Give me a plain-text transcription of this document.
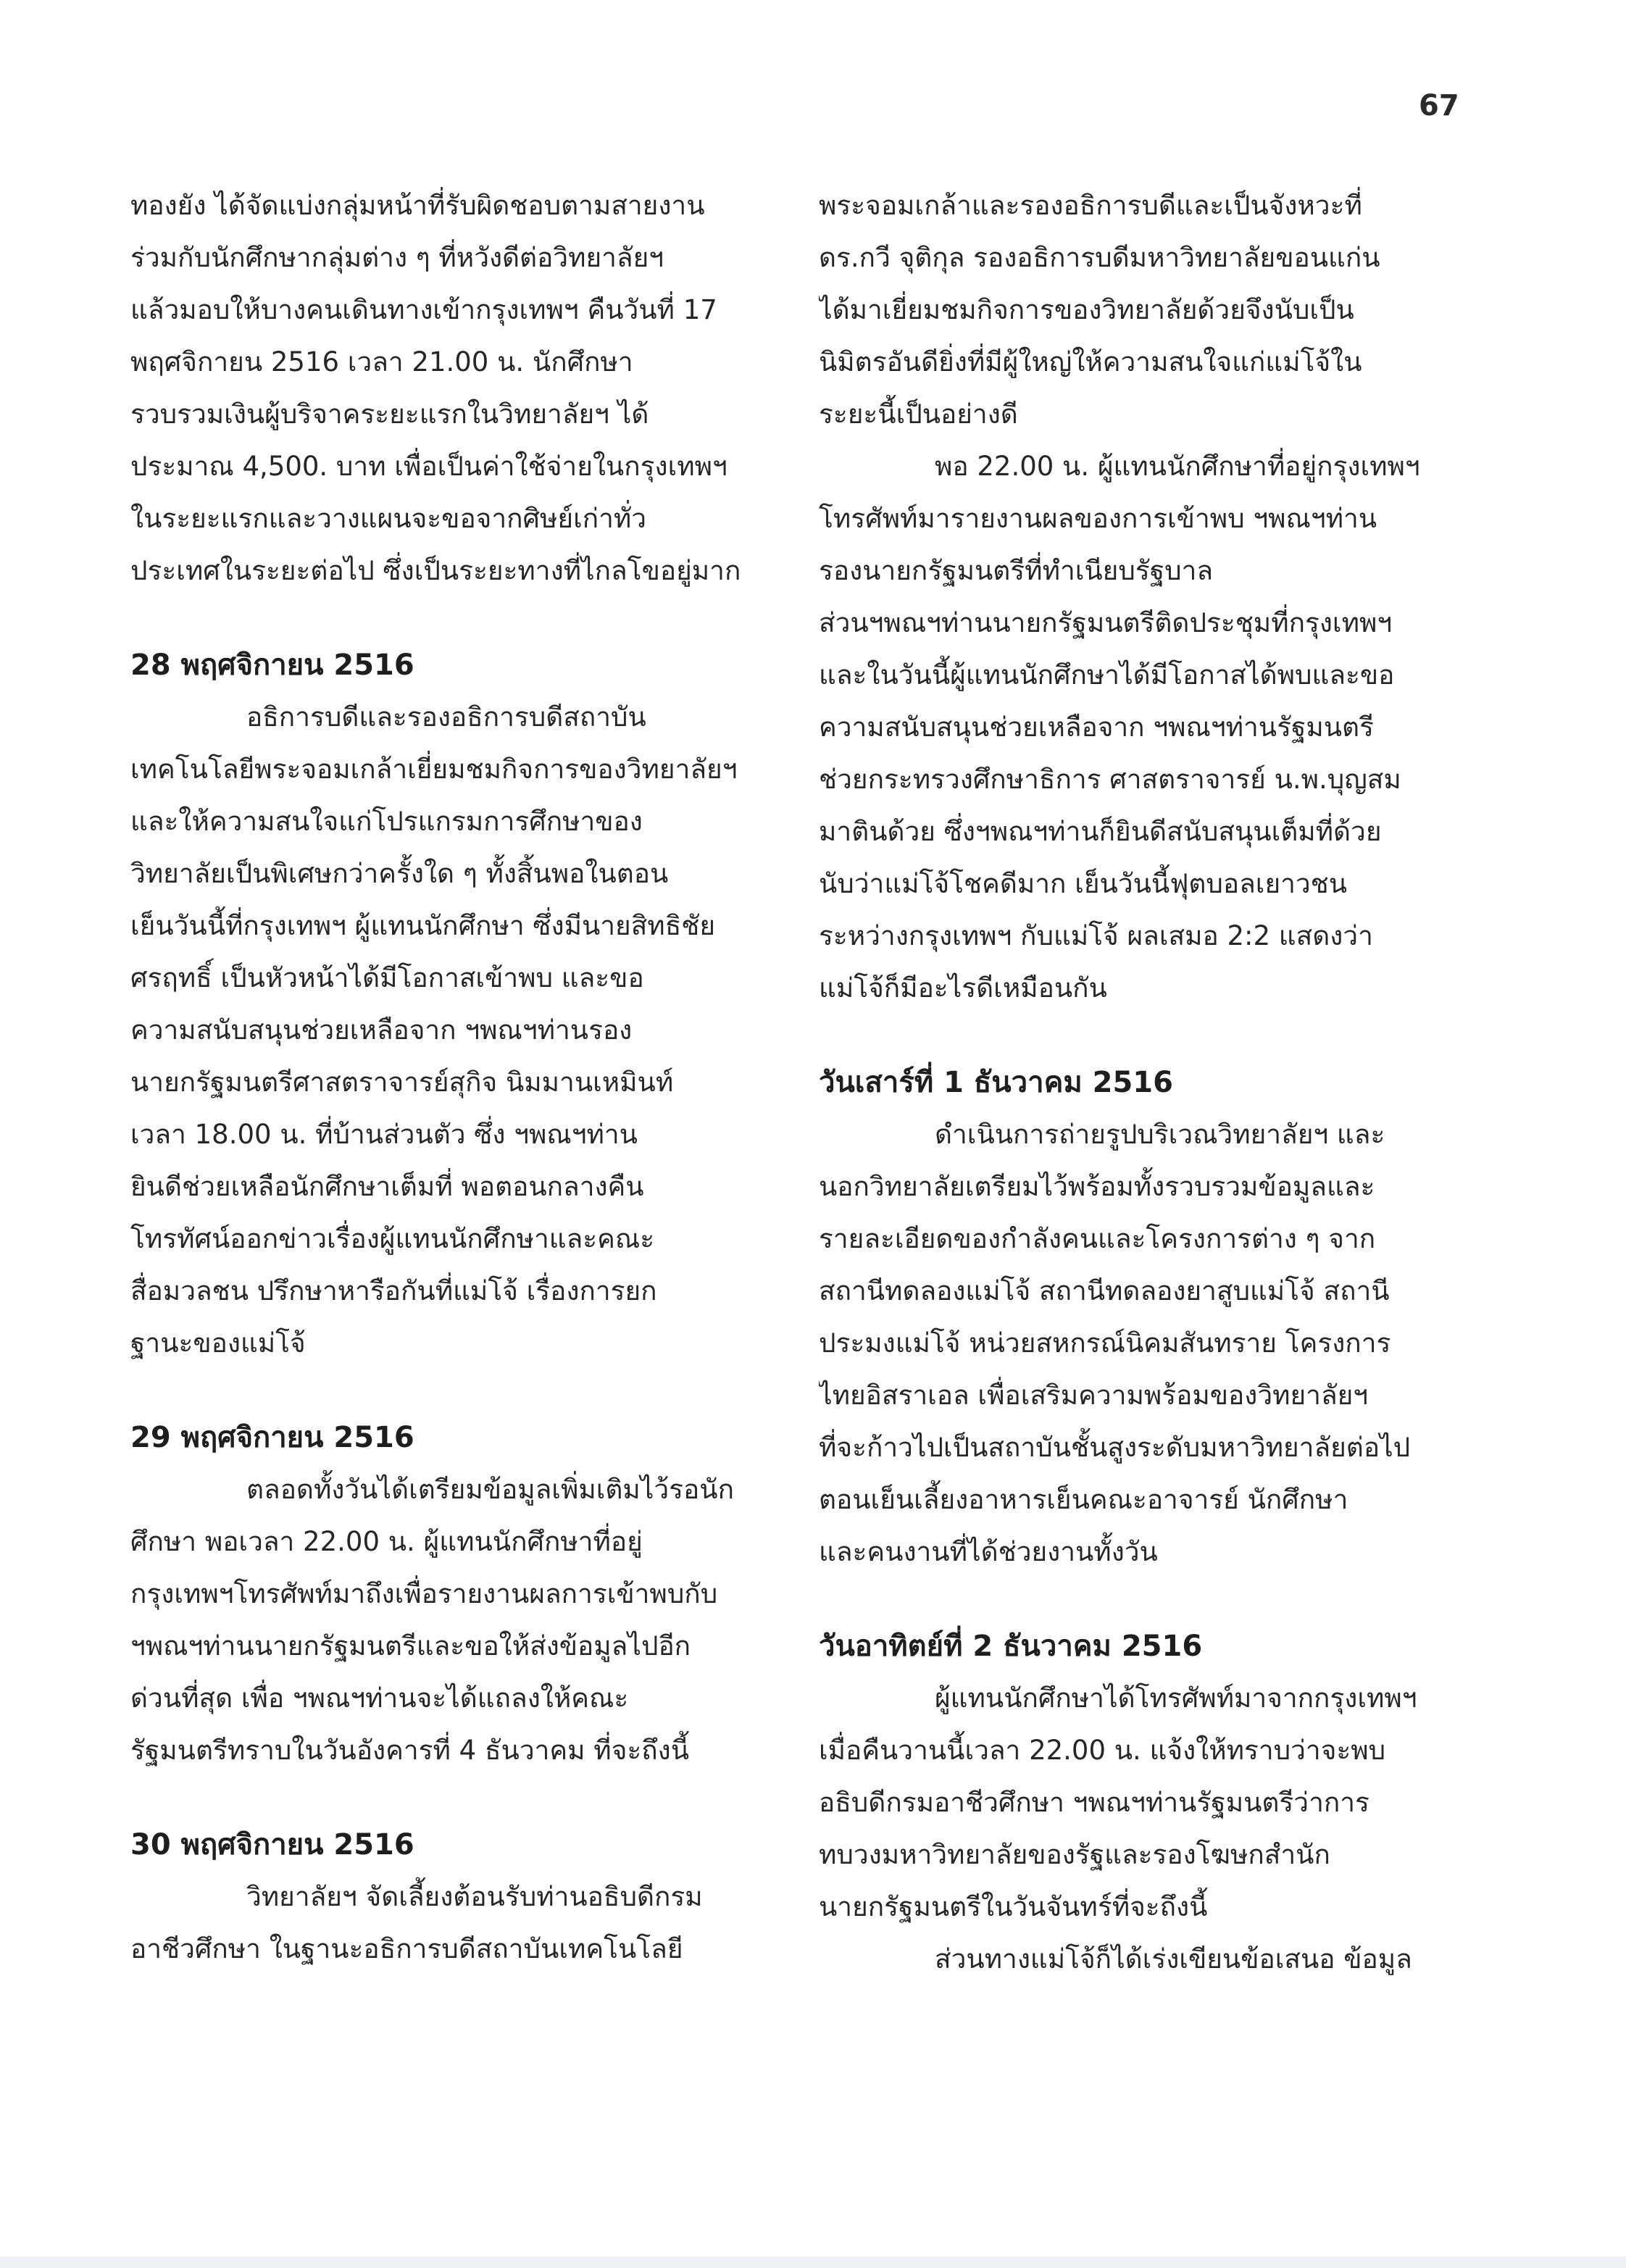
67
ทองยัง ได้จัดแบ่งกลุ่มหน้าที่รับผิดชอบตามสายงาน
ร่วมกับนักศึกษากลุ่มต่าง ๆ ที่หวังดีต่อวิทยาลัยฯ
แล้วมอบให้บางคนเดินทางเข้ากรุงเทพฯ คืนวันที่ 17
พฤศจิกายน 2516 เวลา 21.00 น. นักศึกษา
รวบรวมเงินผู้บริจาคระยะแรกในวิทยาลัยฯ ได้
ประมาณ 4,500. บาท เพื่อเป็นค่าใช้จ่ายในกรุงเทพฯ
ในระยะแรกและวางแผนจะขอจากศิษย์เก่าทั่ว
ประเทศในระยะต่อไป ซึ่งเป็นระยะทางที่ไกลโขอยู่มาก
28 พฤศจิกายน 2516
อธิการบดีและรองอธิการบดีสถาบัน
เทคโนโลยีพระจอมเกล้าเยี่ยมชมกิจการของวิทยาลัยฯ
และให้ความสนใจแก่โปรแกรมการศึกษาของ
วิทยาลัยเป็นพิเศษกว่าครั้งใด ๆ ทั้งสิ้นพอในตอน
เย็นวันนี้ที่กรุงเทพฯ ผู้แทนนักศึกษา ซึ่งมีนายสิทธิชัย
ศรฤทธิ์ เป็นหัวหน้าได้มีโอกาสเข้าพบ และขอ
ความสนับสนุนช่วยเหลือจาก ฯพณฯท่านรอง
นายกรัฐมนตรีศาสตราจารย์สุกิจ นิมมานเหมินท์
เวลา 18.00 น. ที่บ้านส่วนตัว ซึ่ง ฯพณฯท่าน
ยินดีช่วยเหลือนักศึกษาเต็มที่ พอตอนกลางคืน
โทรทัศน์ออกข่าวเรื่องผู้แทนนักศึกษาและคณะ
สื่อมวลชน ปรึกษาหารือกันที่แม่โจ้ เรื่องการยก
ฐานะของแม่โจ้
29 พฤศจิกายน 2516
ตลอดทั้งวันได้เตรียมข้อมูลเพิ่มเติมไว้รอนัก
ศึกษา พอเวลา 22.00 น. ผู้แทนนักศึกษาที่อยู่
กรุงเทพฯโทรศัพท์มาถึงเพื่อรายงานผลการเข้าพบกับ
ฯพณฯท่านนายกรัฐมนตรีและขอให้ส่งข้อมูลไปอีก
ด่วนที่สุด เพื่อ ฯพณฯท่านจะได้แถลงให้คณะ
รัฐมนตรีทราบในวันอังคารที่ 4 ธันวาคม ที่จะถึงนี้
30 พฤศจิกายน 2516
วิทยาลัยฯ จัดเลี้ยงต้อนรับท่านอธิบดีกรม
อาชีวศึกษา ในฐานะอธิการบดีสถาบันเทคโนโลยี
พระจอมเกล้าและรองอธิการบดีและเป็นจังหวะที่
ดร.กวี จุติกุล รองอธิการบดีมหาวิทยาลัยขอนแก่น
ได้มาเยี่ยมชมกิจการของวิทยาลัยด้วยจึงนับเป็น
นิมิตรอันดียิ่งที่มีผู้ใหญ่ให้ความสนใจแก่แม่โจ้ใน
ระยะนี้เป็นอย่างดี
พอ 22.00 น. ผู้แทนนักศึกษาที่อยู่กรุงเทพฯ
โทรศัพท์มารายงานผลของการเข้าพบ ฯพณฯท่าน
รองนายกรัฐมนตรีที่ทำเนียบรัฐบาล
ส่วนฯพณฯท่านนายกรัฐมนตรีติดประชุมที่กรุงเทพฯ
และในวันนี้ผู้แทนนักศึกษาได้มีโอกาสได้พบและขอ
ความสนับสนุนช่วยเหลือจาก ฯพณฯท่านรัฐมนตรี
ช่วยกระทรวงศึกษาธิการ ศาสตราจารย์ น.พ.บุญสม
มาตินด้วย ซึ่งฯพณฯท่านก็ยินดีสนับสนุนเต็มที่ด้วย
นับว่าแม่โจ้โชคดีมาก เย็นวันนี้ฟุตบอลเยาวชน
ระหว่างกรุงเทพฯ กับแม่โจ้ ผลเสมอ 2:2 แสดงว่า
แม่โจ้ก็มีอะไรดีเหมือนกัน
วันเสาร์ที่ 1 ธันวาคม 2516
ดำเนินการถ่ายรูปบริเวณวิทยาลัยฯ และ
นอกวิทยาลัยเตรียมไว้พร้อมทั้งรวบรวมข้อมูลและ
รายละเอียดของกำลังคนและโครงการต่าง ๆ จาก
สถานีทดลองแม่โจ้ สถานีทดลองยาสูบแม่โจ้ สถานี
ประมงแม่โจ้ หน่วยสหกรณ์นิคมสันทราย โครงการ
ไทยอิสราเอล เพื่อเสริมความพร้อมของวิทยาลัยฯ
ที่จะก้าวไปเป็นสถาบันชั้นสูงระดับมหาวิทยาลัยต่อไป
ตอนเย็นเลี้ยงอาหารเย็นคณะอาจารย์ นักศึกษา
และคนงานที่ได้ช่วยงานทั้งวัน
วันอาทิตย์ที่ 2 ธันวาคม 2516
ผู้แทนนักศึกษาได้โทรศัพท์มาจากกรุงเทพฯ
เมื่อคืนวานนี้เวลา 22.00 น. แจ้งให้ทราบว่าจะพบ
อธิบดีกรมอาชีวศึกษา ฯพณฯท่านรัฐมนตรีว่าการ
ทบวงมหาวิทยาลัยของรัฐและรองโฆษกสำนัก
นายกรัฐมนตรีในวันจันทร์ที่จะถึงนี้
ส่วนทางแม่โจ้ก็ได้เร่งเขียนข้อเสนอ ข้อมูล
